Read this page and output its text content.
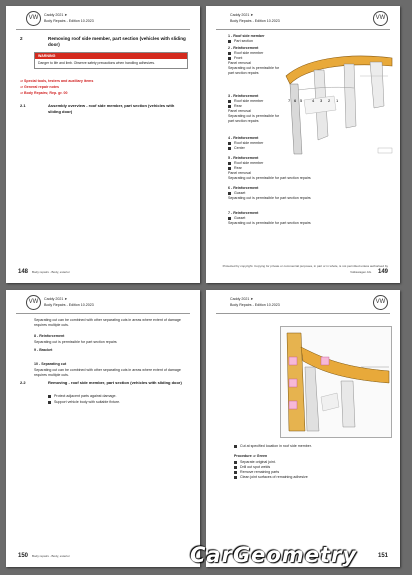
VW	Caddy 2021 ➤
Body Repairs - Edition 10.2023
2	Removing roof side member, part section (vehicles with sliding door)
WARNING
Danger to life and limb. Observe safety precautions when handling adhesives.
⇒ Special tools, testers and auxiliary items
⇒ General repair notes
⇒ Body Repairs; Rep. gr. 00
2.1	Assembly overview - roof side member, part section (vehicles with sliding door)
148 Body repairs - Body, exterior
VW
Caddy 2021 ➤
Body Repairs - Edition 10.2023
1 - Roof side member
Part section
2 - Reinforcement
Roof side member
Front
Panel removal
Separating cut is permissible for part section repairs
3 - Reinforcement
Roof side member
Rear
Panel removal
Separating cut is permissible for part section repairs
4 - Reinforcement
Roof side member
Center
5 - Reinforcement
Roof side member
Rear
Panel removal
Separating cut is permissible for part section repairs
6 - Reinforcement
Gusset
Separating cut is permissible for part section repairs
7 - Reinforcement
Gusset
Separating cut is permissible for part section repairs
7 6 5 4 3 2 1
Protected by copyright. Copying for private or commercial purposes, in part or in whole, is not permitted unless authorised by Volkswagen AG. 149
VW	Caddy 2021 ➤
Body Repairs - Edition 10.2023
Separating cut can be combined with other separating cuts in areas where extent of damage requires multiple cuts.
8 - Reinforcement
Separating cut is permissible for part section repairs
9 - Bracket
10 - Separating cut
Separating cut can be combined with other separating cuts in areas where extent of damage requires multiple cuts.
2.2	Removing - roof side member, part section (vehicles with sliding door)
Protect adjacent parts against damage.
Support vehicle body with suitable fixture.
150 Body repairs - Body, exterior
VW
Caddy 2021 ➤
Body Repairs - Edition 10.2023
Cut at specified location in roof side member.
Procedure ⇒ Green
Separate original joint.
Drill out spot welds
Remove remaining parts
Clean joint surfaces of remaining adhesive
151
CarGeometry
